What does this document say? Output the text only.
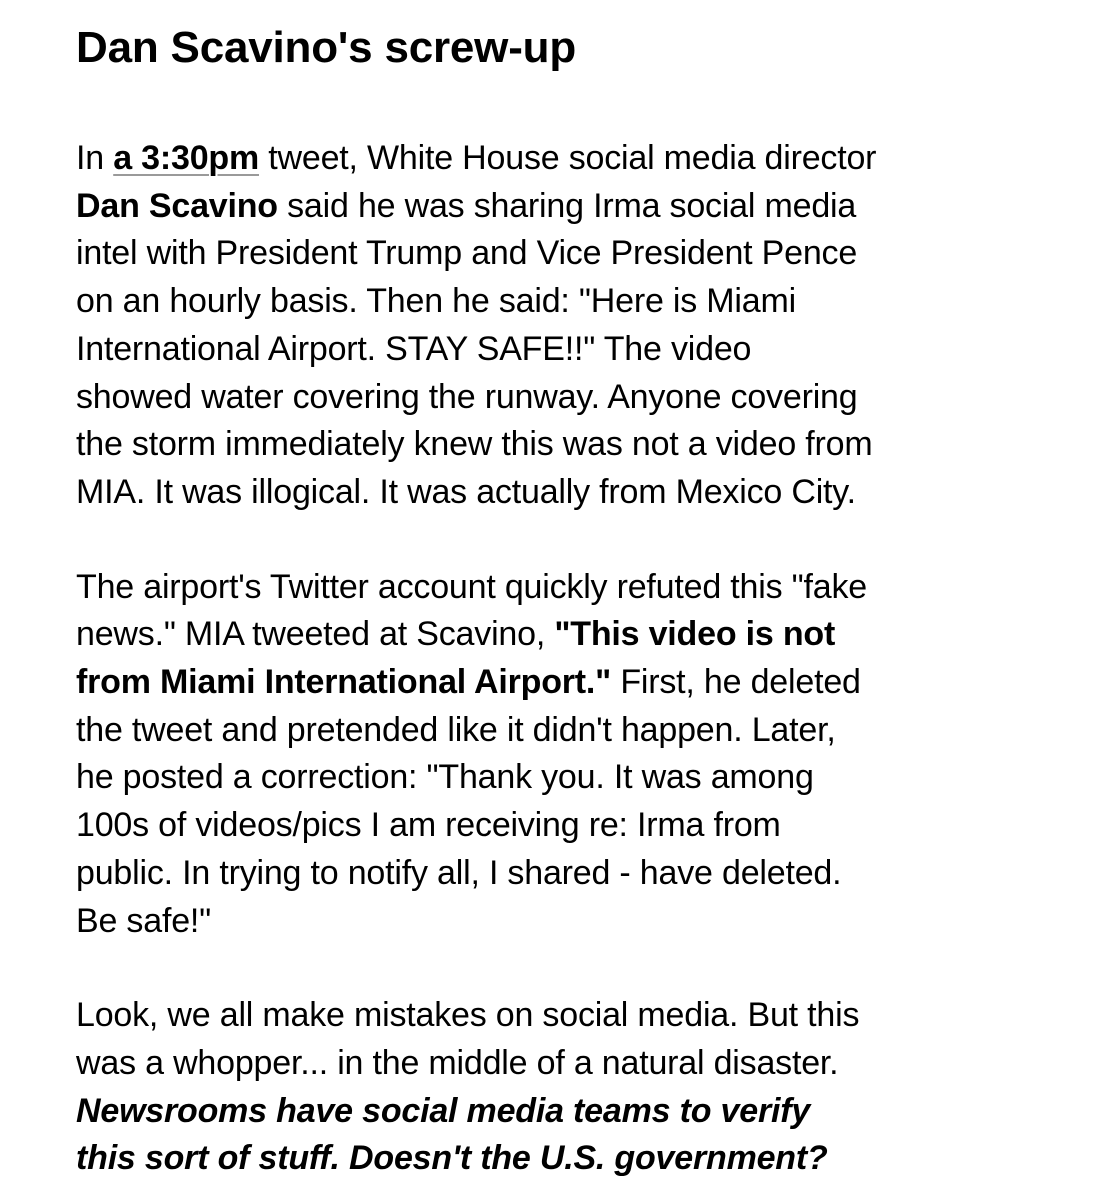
Dan Scavino's screw-up

In a 3:30pm tweet, White House social media director
Dan Scavino said he was sharing Irma social media
intel with President Trump and Vice President Pence
on an hourly basis. Then he said: "Here is Miami
International Airport. STAY SAFE!!" The video
showed water covering the runway. Anyone covering
the storm immediately knew this was not a video from
MIA. It was illogical. It was actually from Mexico City.

The airport's Twitter account quickly refuted this "fake
news." MIA tweeted at Scavino, "This video is not
from Miami International Airport." First, he deleted
the tweet and pretended like it didn't happen. Later,
he posted a correction: "Thank you. It was among
100s of videos/pics I am receiving re: Irma from
public. In trying to notify all, I shared - have deleted.
Be safe!"

Look, we all make mistakes on social media. But this
was a whopper... in the middle of a natural disaster.
Newsrooms have social media teams to verify
this sort of stuff. Doesn't the U.S. government?
